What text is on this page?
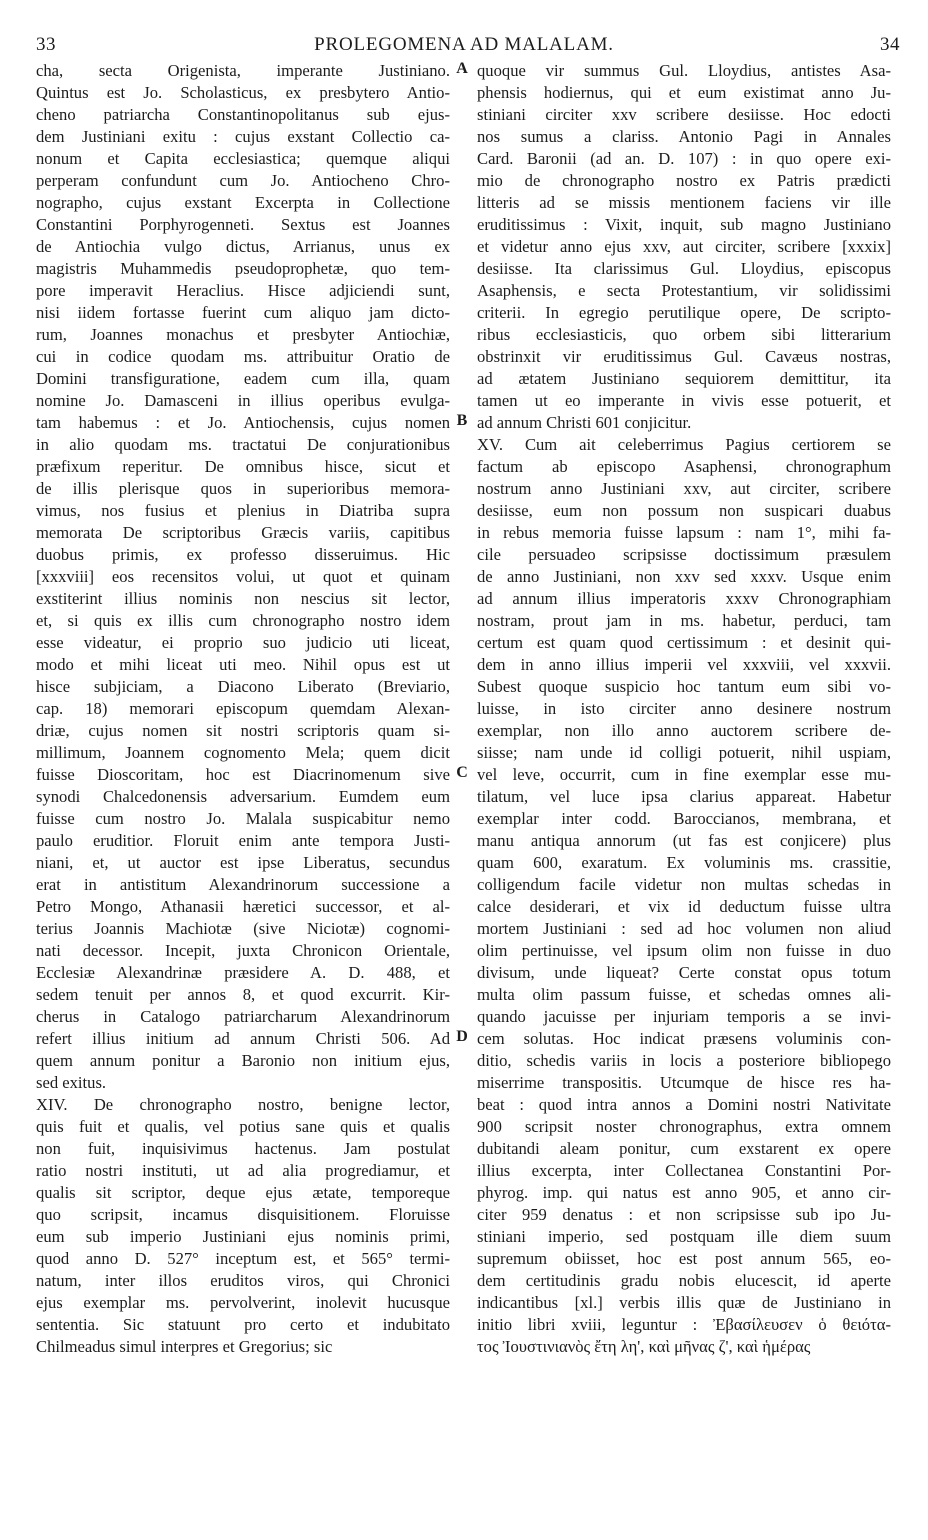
33	PROLEGOMENA AD MALALAM.	34
cha, secta Origenista, imperante Justiniano.
Quintus est Jo. Scholasticus, ex presbytero Antio-
cheno patriarcha Constantinopolitanus sub ejus-
dem Justiniani exitu : cujus exstant Collectio ca-
nonum et Capita ecclesiastica; quemque aliqui
perperam confundunt cum Jo. Antiocheno Chro-
nographo, cujus exstant Excerpta in Collectione
Constantini Porphyrogenneti. Sextus est Joannes
de Antiochia vulgo dictus, Arrianus, unus ex
magistris Muhammedis pseudoprophetæ, quo tem-
pore imperavit Heraclius. Hisce adjiciendi sunt,
nisi iidem fortasse fuerint cum aliquo jam dicto-
rum, Joannes monachus et presbyter Antiochiæ,
cui in codice quodam ms. attribuitur Oratio de
Domini transfiguratione, eadem cum illa, quam
nomine Jo. Damasceni in illius operibus evulga-
tam habemus : et Jo. Antiochensis, cujus nomen
in alio quodam ms. tractatui De conjurationibus
præfixum reperitur. De omnibus hisce, sicut et
de illis plerisque quos in superioribus memora-
vimus, nos fusius et plenius in Diatriba supra
memorata De scriptoribus Græcis variis, capitibus
duobus primis, ex professo disseruimus. Hic
[xxxviii] eos recensitos volui, ut quot et quinam
exstiterint illius nominis non nescius sit lector,
et, si quis ex illis cum chronographo nostro idem
esse videatur, ei proprio suo judicio uti liceat,
modo et mihi liceat uti meo. Nihil opus est ut
hisce subjiciam, a Diacono Liberato (Breviario,
cap. 18) memorari episcopum quemdam Alexan-
driæ, cujus nomen sit nostri scriptoris quam si-
millimum, Joannem cognomento Mela; quem dicit
fuisse Dioscoritam, hoc est Diacrinomenum sive
synodi Chalcedonensis adversarium. Eumdem eum
fuisse cum nostro Jo. Malala suspicabitur nemo
paulo eruditior. Floruit enim ante tempora Justi-
niani, et, ut auctor est ipse Liberatus, secundus
erat in antistitum Alexandrinorum successione a
Petro Mongo, Athanasii hæretici successor, et al-
terius Joannis Machiotæ (sive Niciotæ) cognomi-
nati decessor. Incepit, juxta Chronicon Orientale,
Ecclesiæ Alexandrinæ præsidere A. D. 488, et
sedem tenuit per annos 8, et quod excurrit. Kir-
cherus in Catalogo patriarcharum Alexandrinorum
refert illius initium ad annum Christi 506. Ad
quem annum ponitur a Baronio non initium ejus,
sed exitus.
XIV. De chronographo nostro, benigne lector,
quis fuit et qualis, vel potius sane quis et qualis
non fuit, inquisivimus hactenus. Jam postulat
ratio nostri instituti, ut ad alia progrediamur, et
qualis sit scriptor, deque ejus ætate, temporeque
quo scripsit, incamus disquisitionem. Floruisse
eum sub imperio Justiniani ejus nominis primi,
quod anno D. 527° inceptum est, et 565° termi-
natum, inter illos eruditos viros, qui Chronici
ejus exemplar ms. pervolverint, inolevit hucusque
sententia. Sic statuunt pro certo et indubitato
Chilmeadus simul interpres et Gregorius; sic
quoque vir summus Gul. Lloydius, antistes Asa-
phensis hodiernus, qui et eum existimat anno Ju-
stiniani circiter xxv scribere desiisse. Hoc edocti
nos sumus a clariss. Antonio Pagi in Annales
Card. Baronii (ad an. D. 107) : in quo opere exi-
mio de chronographo nostro ex Patris prædicti
litteris ad se missis mentionem faciens vir ille
eruditissimus : Vixit, inquit, sub magno Justiniano
et videtur anno ejus xxv, aut circiter, scribere [xxxix]
desiisse. Ita clarissimus Gul. Lloydius, episcopus
Asaphensis, e secta Protestantium, vir solidissimi
criterii. In egregio perutilique opere, De scripto-
ribus ecclesiasticis, quo orbem sibi litterarium
obstrinxit vir eruditissimus Gul. Cavæus nostras,
ad ætatem Justiniano sequiorem demittitur, ita
tamen ut eo imperante in vivis esse potuerit, et
ad annum Christi 601 conjicitur.
XV. Cum ait celeberrimus Pagius certiorem se
factum ab episcopo Asaphensi, chronographum
nostrum anno Justiniani xxv, aut circiter, scribere
desiisse, eum non possum non suspicari duabus
in rebus memoria fuisse lapsum : nam 1°, mihi fa-
cile persuadeo scripsisse doctissimum præsulem
de anno Justiniani, non xxv sed xxxv. Usque enim
ad annum illius imperatoris xxxv Chronographiam
nostram, prout jam in ms. habetur, perduci, tam
certum est quam quod certissimum : et desinit qui-
dem in anno illius imperii vel xxxviii, vel xxxvii.
Subest quoque suspicio hoc tantum eum sibi vo-
luisse, in isto circiter anno desinere nostrum
exemplar, non illo anno auctorem scribere de-
siisse; nam unde id colligi potuerit, nihil uspiam,
vel leve, occurrit, cum in fine exemplar esse mu-
tilatum, vel luce ipsa clarius appareat. Habetur
exemplar inter codd. Baroccianos, membrana, et
manu antiqua annorum (ut fas est conjicere) plus
quam 600, exaratum. Ex voluminis ms. crassitie,
colligendum facile videtur non multas schedas in
calce desiderari, et vix id deductum fuisse ultra
mortem Justiniani : sed ad hoc volumen non aliud
olim pertinuisse, vel ipsum olim non fuisse in duo
divisum, unde liqueat? Certe constat opus totum
multa olim passum fuisse, et schedas omnes ali-
quando jacuisse per injuriam temporis a se invi-
cem solutas. Hoc indicat præsens voluminis con-
ditio, schedis variis in locis a posteriore bibliopego
miserrime transpositis. Utcumque de hisce res ha-
beat : quod intra annos a Domini nostri Nativitate
900 scripsit noster chronographus, extra omnem
dubitandi aleam ponitur, cum exstarent ex opere
illius excerpta, inter Collectanea Constantini Por-
phyrog. imp. qui natus est anno 905, et anno cir-
citer 959 denatus : et non scripsisse sub ipo Ju-
stiniani imperio, sed postquam ille diem suum
supremum obiisset, hoc est post annum 565, eo-
dem certitudinis gradu nobis elucescit, id aperte
indicantibus [xl.] verbis illis quæ de Justiniano in
initio libri xviii, leguntur : Ἐβασίλευσεν ὁ θειότα-
τος Ἰουστινιανὸς ἔτη λη', καὶ μῆνας ζ', καὶ ἡμέρας
A
B
C
D
